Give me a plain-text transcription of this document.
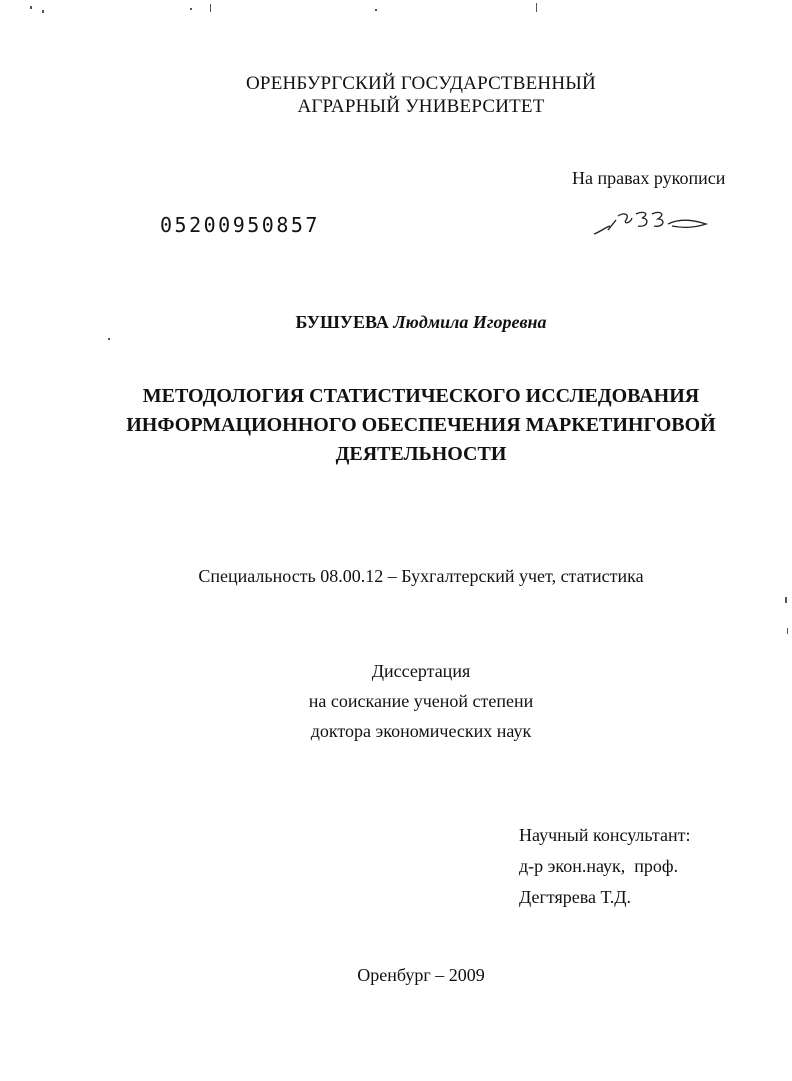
ОРЕНБУРГСКИЙ ГОСУДАРСТВЕННЫЙ
АГРАРНЫЙ УНИВЕРСИТЕТ
На правах рукописи
05200950857
БУШУЕВА Людмила Игоревна
МЕТОДОЛОГИЯ СТАТИСТИЧЕСКОГО ИССЛЕДОВАНИЯ
ИНФОРМАЦИОННОГО ОБЕСПЕЧЕНИЯ МАРКЕТИНГОВОЙ
ДЕЯТЕЛЬНОСТИ
Специальность 08.00.12 – Бухгалтерский учет, статистика
Диссертация
на соискание ученой степени
доктора экономических наук
Научный консультант:
д-р экон.наук,  проф.
Дегтярева Т.Д.
Оренбург – 2009
